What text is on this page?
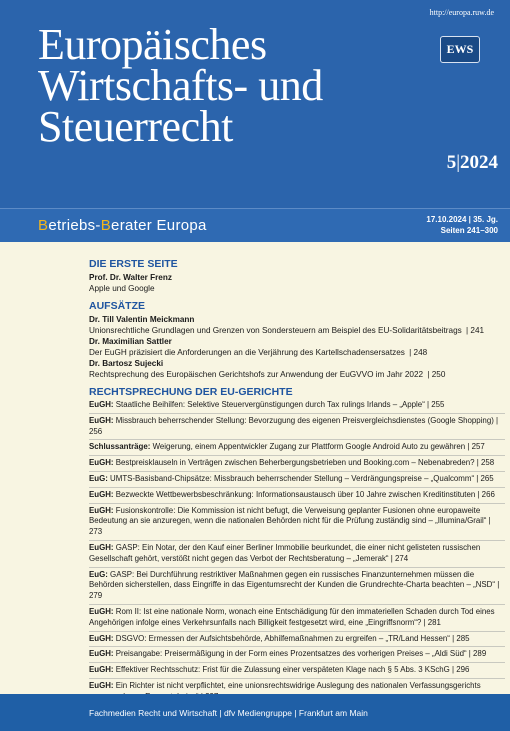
http://europa.ruw.de
Europäisches
Wirtschafts- und
Steuerrecht
EWS
5|2024
Betriebs-Berater Europa	17.10.2024 | 35. Jg.
Seiten 241–300
DIE ERSTE SEITE
Prof. Dr. Walter Frenz
Apple und Google
AUFSÄTZE
Dr. Till Valentin Meickmann
Unionsrechtliche Grundlagen und Grenzen von Sondersteuern am Beispiel des EU-Solidaritätsbeitrags | 241
Dr. Maximilian Sattler
Der EuGH präzisiert die Anforderungen an die Verjährung des Kartellschadensersatzes | 248
Dr. Bartosz Sujecki
Rechtsprechung des Europäischen Gerichtshofs zur Anwendung der EuGVVO im Jahr 2022 | 250
RECHTSPRECHUNG DER EU-GERICHTE
EuGH: Staatliche Beihilfen: Selektive Steuervergünstigungen durch Tax rulings Irlands – „Apple“ | 255
EuGH: Missbrauch beherrschender Stellung: Bevorzugung des eigenen Preisvergleichsdienstes (Google Shopping) | 256
Schlussanträge: Weigerung, einem Appentwickler Zugang zur Plattform Google Android Auto zu gewähren | 257
EuGH: Bestpreisklauseln in Verträgen zwischen Beherbergungsbetrieben und Booking.com – Nebenabreden? | 258
EuG: UMTS-Basisband-Chipsätze: Missbrauch beherrschender Stellung – Verdrängungspreise – „Qualcomm“ | 265
EuGH: Bezweckte Wettbewerbsbeschränkung: Informationsaustausch über 10 Jahre zwischen Kreditinstituten | 266
EuGH: Fusionskontrolle: Die Kommission ist nicht befugt, die Verweisung geplanter Fusionen ohne europaweite Bedeutung an sie anzuregen, wenn die nationalen Behörden nicht für die Prüfung zuständig sind – „Illumina/Grail“ | 273
EuGH: GASP: Ein Notar, der den Kauf einer Berliner Immobilie beurkundet, die einer nicht gelisteten russischen Gesellschaft gehört, verstößt nicht gegen das Verbot der Rechtsberatung – „Jemerak“ | 274
EuG: GASP: Bei Durchführung restriktiver Maßnahmen gegen ein russisches Finanzunternehmen müssen die Behörden sicherstellen, dass Eingriffe in das Eigentumsrecht der Kunden die Grundrechte-Charta beachten – „NSD“ | 279
EuGH: Rom II: Ist eine nationale Norm, wonach eine Entschädigung für den immateriellen Schaden durch Tod eines Angehörigen infolge eines Verkehrsunfalls nach Billigkeit festgesetzt wird, eine „Eingriffsnorm“? | 281
EuGH: DSGVO: Ermessen der Aufsichtsbehörde, Abhilfemaßnahmen zu ergreifen – „TR/Land Hessen“ | 285
EuGH: Preisangabe: Preisermäßigung in der Form eines Prozentsatzes des vorherigen Preises – „Aldi Süd“ | 289
EuGH: Effektiver Rechtsschutz: Frist für die Zulassung einer verspäteten Klage nach § 5 Abs. 3 KSchG | 296
EuGH: Ein Richter ist nicht verpflichtet, eine unionsrechtswidrige Auslegung des nationalen Verfassungsgerichts
Fachmedien Recht und Wirtschaft | dfv Mediengruppe | Frankfurt am Main
